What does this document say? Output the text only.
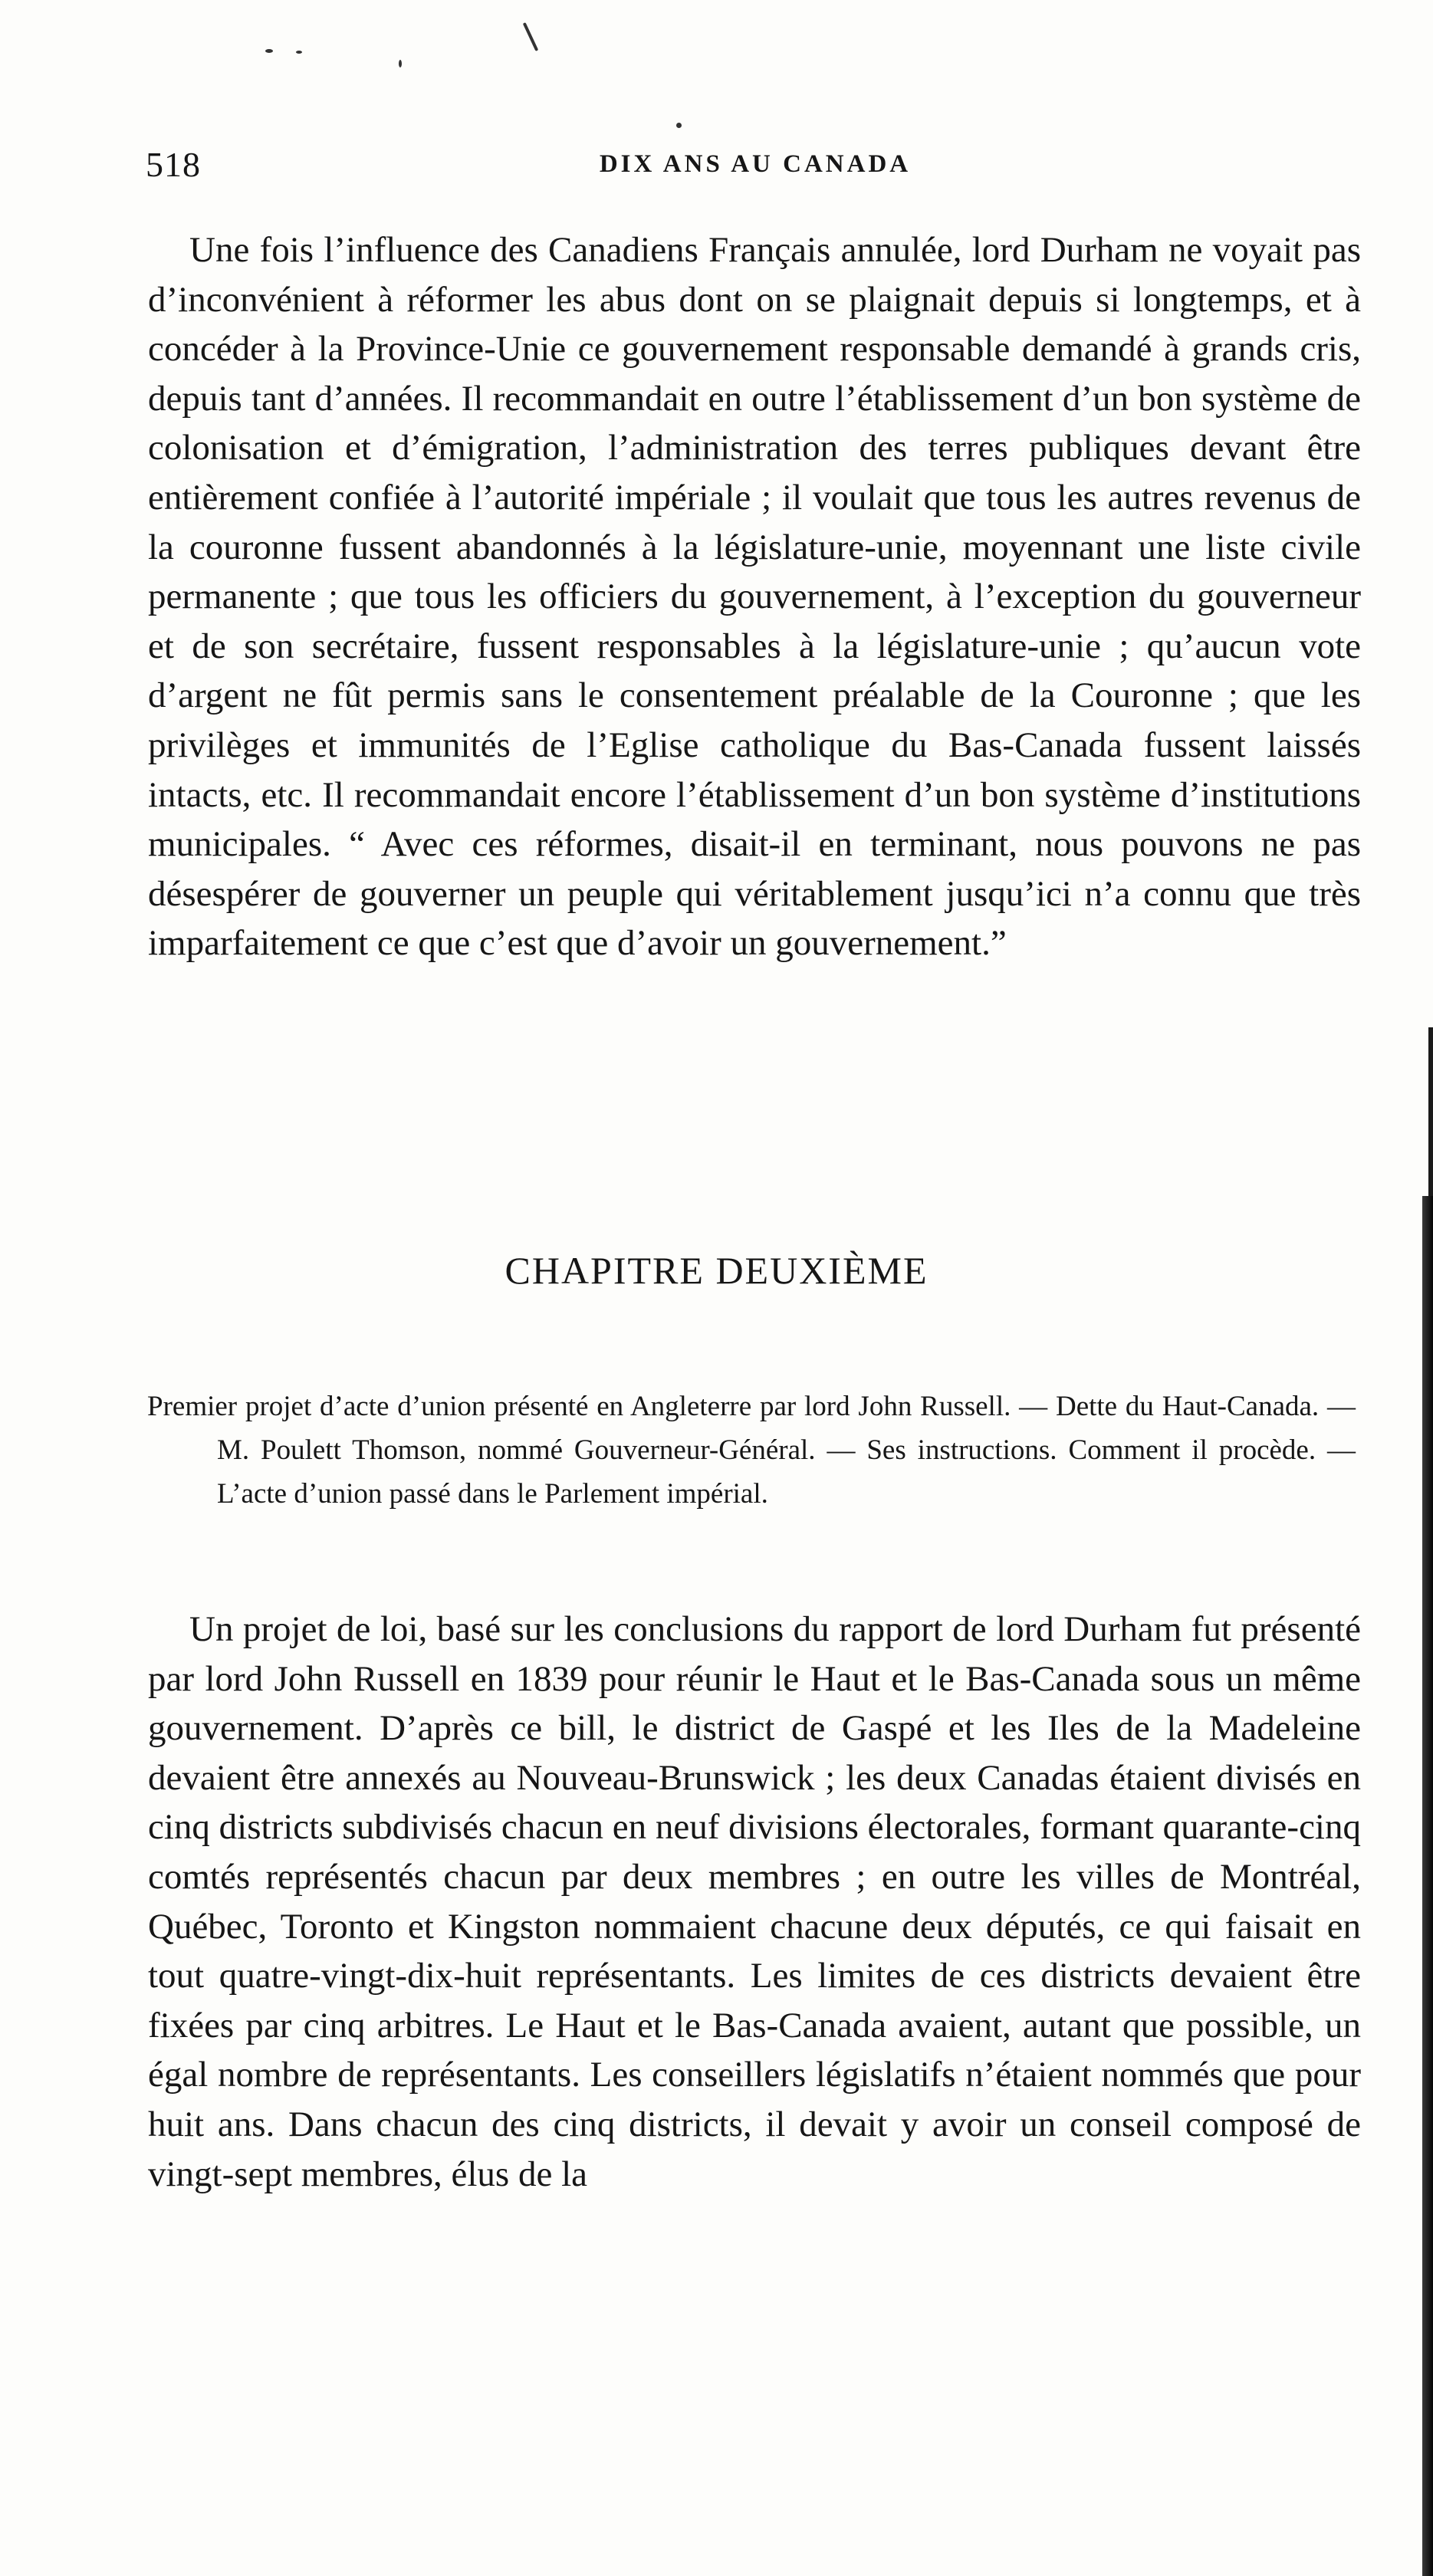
518	DIX ANS AU CANADA

Une fois l’influence des Canadiens Français annulée, lord Durham ne voyait pas d’inconvénient à réformer les abus dont on se plaignait depuis si longtemps, et à concéder à la Province-Unie ce gouvernement responsable demandé à grands cris, depuis tant d’années. Il recommandait en outre l’établissement d’un bon système de colonisation et d’émigration, l’administration des terres publiques devant être entièrement confiée à l’autorité impériale ; il voulait que tous les autres revenus de la couronne fussent abandonnés à la législature-unie, moyennant une liste civile permanente ; que tous les officiers du gouvernement, à l’exception du gouverneur et de son secrétaire, fussent responsables à la législature-unie ; qu’aucun vote d’argent ne fût permis sans le consentement préalable de la Couronne ; que les privilèges et immunités de l’Eglise catholique du Bas-Canada fussent laissés intacts, etc. Il recommandait encore l’établissement d’un bon système d’institutions municipales. “ Avec ces réformes, disait-il en terminant, nous pouvons ne pas désespérer de gouverner un peuple qui véritablement jusqu’ici n’a connu que très imparfaitement ce que c’est que d’avoir un gouvernement.”

CHAPITRE DEUXIÈME

Premier projet d’acte d’union présenté en Angleterre par lord John Russell. — Dette du Haut-Canada. — M. Poulett Thomson, nommé Gouverneur-Général. — Ses instructions. Comment il procède. — L’acte d’union passé dans le Parlement impérial.

Un projet de loi, basé sur les conclusions du rapport de lord Durham fut présenté par lord John Russell en 1839 pour réunir le Haut et le Bas-Canada sous un même gouvernement. D’après ce bill, le district de Gaspé et les Iles de la Madeleine devaient être annexés au Nouveau-Brunswick ; les deux Canadas étaient divisés en cinq districts subdivisés chacun en neuf divisions électorales, formant quarante-cinq comtés représentés chacun par deux membres ; en outre les villes de Montréal, Québec, Toronto et Kingston nommaient chacune deux députés, ce qui faisait en tout quatre-vingt-dix-huit représentants. Les limites de ces districts devaient être fixées par cinq arbitres. Le Haut et le Bas-Canada avaient, autant que possible, un égal nombre de représentants. Les conseillers législatifs n’étaient nommés que pour huit ans. Dans chacun des cinq districts, il devait y avoir un conseil composé de vingt-sept membres, élus de la
